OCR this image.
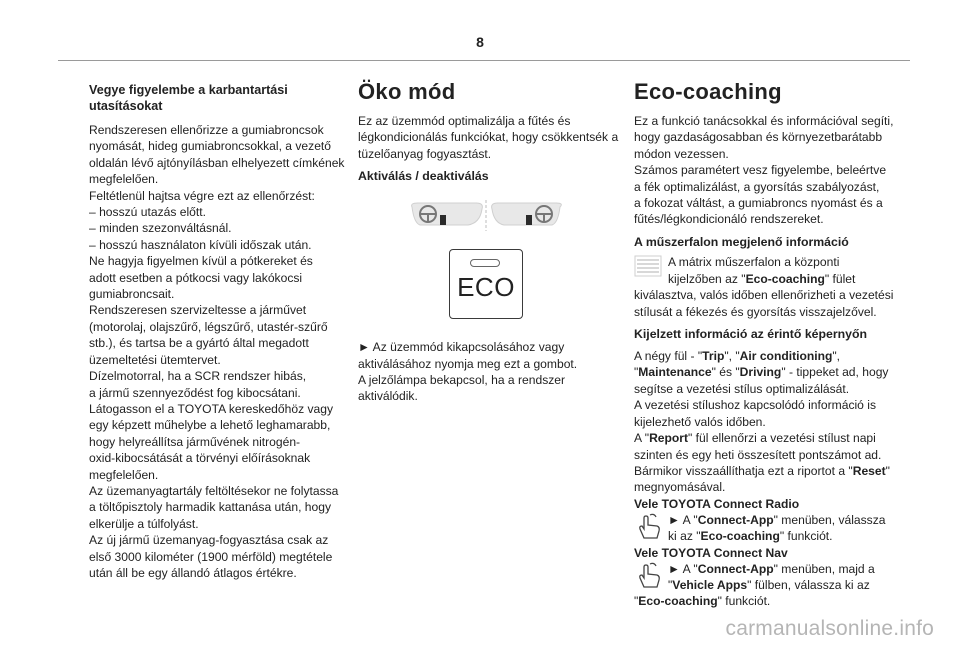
8
Vegye figyelembe a karbantartási
utasításokat
Rendszeresen ellenőrizze a gumiabroncsok
nyomását, hideg gumiabroncsokkal, a vezető
oldalán lévő ajtónyílásban elhelyezett címkének
megfelelően.
Feltétlenül hajtsa végre ezt az ellenőrzést:
– hosszú utazás előtt.
– minden szezonváltásnál.
– hosszú használaton kívüli időszak után.
Ne hagyja figyelmen kívül a pótkereket és
adott esetben a pótkocsi vagy lakókocsi
gumiabroncsait.
Rendszeresen szervizeltesse a járművet
(motorolaj, olajszűrő, légszűrő, utastér-szűrő
stb.), és tartsa be a gyártó által megadott
üzemeltetési ütemtervet.
Dízelmotorral, ha a SCR rendszer hibás,
a jármű szennyeződést fog kibocsátani.
Látogasson el a TOYOTA kereskedőhöz vagy
egy képzett műhelybe a lehető leghamarabb,
hogy helyreállítsa járművének nitrogén-
oxid-kibocsátását a törvényi előírásoknak
megfelelően.
Az üzemanyagtartály feltöltésekor ne folytassa
a töltőpisztoly harmadik kattanása után, hogy
elkerülje a túlfolyást.
Az új jármű üzemanyag-fogyasztása csak az
első 3000 kilométer (1900 mérföld) megtétele
után áll be egy állandó átlagos értékre.
Öko mód
Ez az üzemmód optimalizálja a fűtés és
légkondicionálás funkciókat, hogy csökkentsék a
tüzelőanyag fogyasztást.
Aktiválás / deaktiválás
ECO
► Az üzemmód kikapcsolásához vagy
aktiválásához nyomja meg ezt a gombot.
A jelzőlámpa bekapcsol, ha a rendszer
aktiválódik.
Eco-coaching
Ez a funkció tanácsokkal és információval segíti,
hogy gazdaságosabban és környezetbarátabb
módon vezessen.
Számos paramétert vesz figyelembe, beleértve
a fék optimalizálást, a gyorsítás szabályozást,
a fokozat váltást, a gumiabroncs nyomást és a
fűtés/légkondicionáló rendszereket.
A műszerfalon megjelenő információ
A mátrix műszerfalon a központi
kijelzőben az "Eco-coaching" fület
kiválasztva, valós időben ellenőrizheti a vezetési
stílusát a fékezés és gyorsítás visszajelzővel.
Kijelzett információ az érintő képernyőn
A négy fül - "Trip", "Air conditioning",
"Maintenance" és "Driving" - tippeket ad, hogy
segítse a vezetési stílus optimalizálását.
A vezetési stílushoz kapcsolódó információ is
kijelezhető valós időben.
A "Report" fül ellenőrzi a vezetési stílust napi
szinten és egy heti összesített pontszámot ad.
Bármikor visszaállíthatja ezt a riportot a "Reset"
megnyomásával.
Vele TOYOTA Connect Radio
► A "Connect-App" menüben, válassza
ki az "Eco-coaching" funkciót.
Vele TOYOTA Connect Nav
► A "Connect-App" menüben, majd a
"Vehicle Apps" fülben, válassza ki az
"Eco-coaching" funkciót.
carmanualsonline.info
